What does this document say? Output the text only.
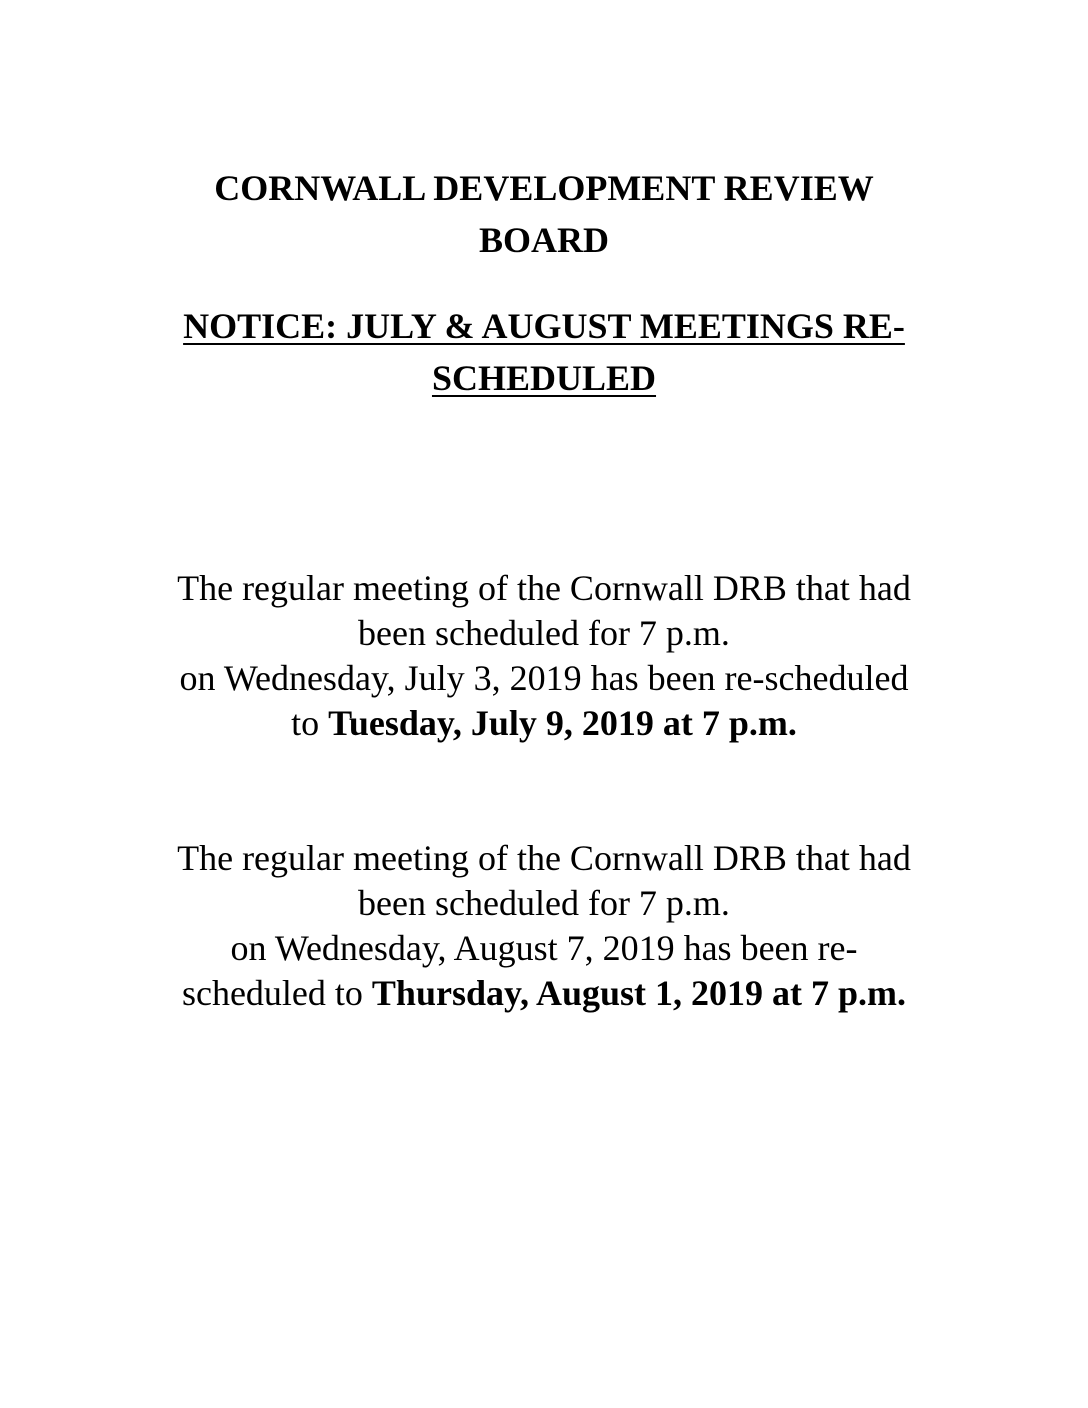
CORNWALL DEVELOPMENT REVIEW
BOARD
NOTICE: JULY & AUGUST MEETINGS RE-
SCHEDULED

The regular meeting of the Cornwall DRB that had
been scheduled for 7 p.m.
on Wednesday, July 3, 2019 has been re-scheduled
to Tuesday, July 9, 2019 at 7 p.m.

The regular meeting of the Cornwall DRB that had
been scheduled for 7 p.m.
on Wednesday, August 7, 2019 has been re-
scheduled to Thursday, August 1, 2019 at 7 p.m.
